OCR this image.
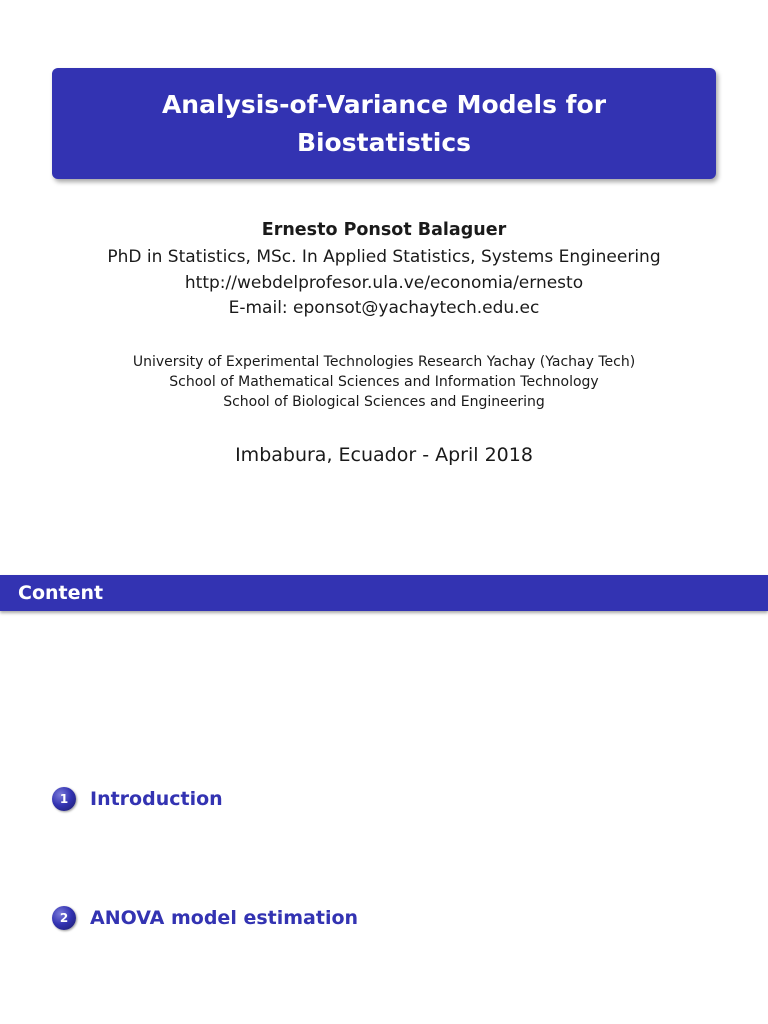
Analysis-of-Variance Models for
Biostatistics
Ernesto Ponsot Balaguer
PhD in Statistics, MSc. In Applied Statistics, Systems Engineering
http://webdelprofesor.ula.ve/economia/ernesto
E-mail: eponsot@yachaytech.edu.ec
University of Experimental Technologies Research Yachay (Yachay Tech)
School of Mathematical Sciences and Information Technology
School of Biological Sciences and Engineering
Imbabura, Ecuador - April 2018
Content
1	Introduction
2	ANOVA model estimation
